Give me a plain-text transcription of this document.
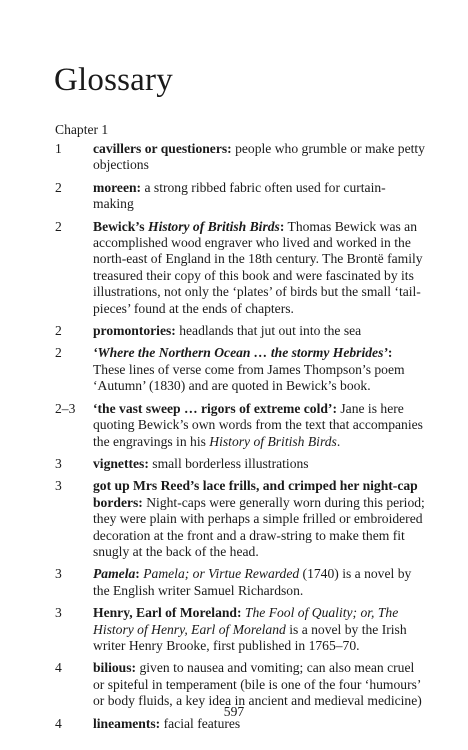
Glossary

Chapter 1

1	cavillers or questioners: people who grumble or make petty objections
2	moreen: a strong ribbed fabric often used for curtain-making
2	Bewick’s History of British Birds: Thomas Bewick was an accomplished wood engraver who lived and worked in the north-east of England in the 18th century. The Brontë family treasured their copy of this book and were fascinated by its illustrations, not only the ‘plates’ of birds but the small ‘tail-pieces’ found at the ends of chapters.
2	promontories: headlands that jut out into the sea
2	‘Where the Northern Ocean … the stormy Hebrides’: These lines of verse come from James Thompson’s poem ‘Autumn’ (1830) and are quoted in Bewick’s book.
2–3	‘the vast sweep … rigors of extreme cold’: Jane is here quoting Bewick’s own words from the text that accompanies the engravings in his History of British Birds.
3	vignettes: small borderless illustrations
3	got up Mrs Reed’s lace frills, and crimped her night-cap borders: Night-caps were generally worn during this period; they were plain with perhaps a simple frilled or embroidered decoration at the front and a draw-string to make them fit snugly at the back of the head.
3	Pamela: Pamela; or Virtue Rewarded (1740) is a novel by the English writer Samuel Richardson.
3	Henry, Earl of Moreland: The Fool of Quality; or, The History of Henry, Earl of Moreland is a novel by the Irish writer Henry Brooke, first published in 1765–70.
4	bilious: given to nausea and vomiting; can also mean cruel or spiteful in temperament (bile is one of the four ‘humours’ or body fluids, a key idea in ancient and medieval medicine)
4	lineaments: facial features
597
